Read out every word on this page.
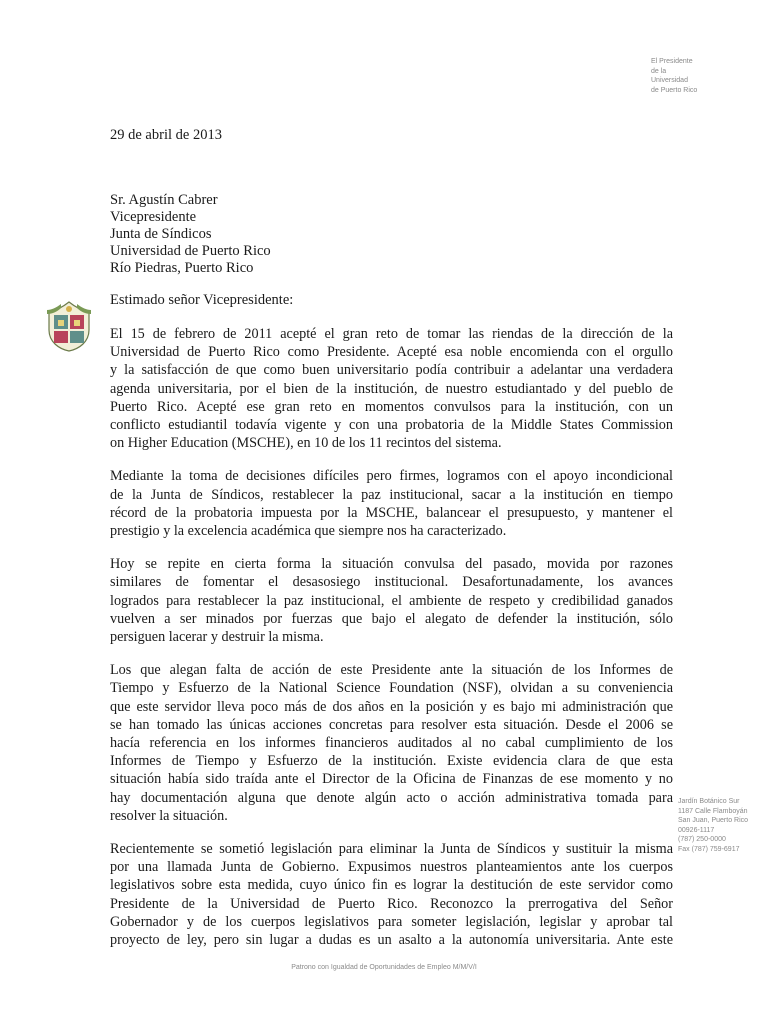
El Presidente
de la
Universidad
de Puerto Rico
29 de abril de 2013
Sr. Agustín Cabrer
Vicepresidente
Junta de Síndicos
Universidad de Puerto Rico
Río Piedras, Puerto Rico
Estimado señor Vicepresidente:

El 15 de febrero de 2011 acepté el gran reto de tomar las riendas de la dirección de la
Universidad de Puerto Rico como Presidente. Acepté esa noble encomienda con el orgullo
y la satisfacción de que como buen universitario podía contribuir a adelantar una verdadera
agenda universitaria, por el bien de la institución, de nuestro estudiantado y del pueblo de
Puerto Rico. Acepté ese gran reto en momentos convulsos para la institución, con un
conflicto estudiantil todavía vigente y con una probatoria de la Middle States Commission
on Higher Education (MSCHE), en 10 de los 11 recintos del sistema.

Mediante la toma de decisiones difíciles pero firmes, logramos con el apoyo incondicional
de la Junta de Síndicos, restablecer la paz institucional, sacar a la institución en tiempo
récord de la probatoria impuesta por la MSCHE, balancear el presupuesto, y mantener el
prestigio y la excelencia académica que siempre nos ha caracterizado.

Hoy se repite en cierta forma la situación convulsa del pasado, movida por razones
similares de fomentar el desasosiego institucional. Desafortunadamente, los avances
logrados para restablecer la paz institucional, el ambiente de respeto y credibilidad ganados
vuelven a ser minados por fuerzas que bajo el alegato de defender la institución, sólo
persiguen lacerar y destruir la misma.

Los que alegan falta de acción de este Presidente ante la situación de los Informes de
Tiempo y Esfuerzo de la National Science Foundation (NSF), olvidan a su conveniencia
que este servidor lleva poco más de dos años en la posición y es bajo mi administración que
se han tomado las únicas acciones concretas para resolver esta situación. Desde el 2006 se
hacía referencia en los informes financieros auditados al no cabal cumplimiento de los
Informes de Tiempo y Esfuerzo de la institución. Existe evidencia clara de que esta
situación había sido traída ante el Director de la Oficina de Finanzas de ese momento y no
hay documentación alguna que denote algún acto o acción administrativa tomada para
resolver la situación.

Recientemente se sometió legislación para eliminar la Junta de Síndicos y sustituir la misma
por una llamada Junta de Gobierno. Expusimos nuestros planteamientos ante los cuerpos
legislativos sobre esta medida, cuyo único fin es lograr la destitución de este servidor como
Presidente de la Universidad de Puerto Rico. Reconozco la prerrogativa del Señor
Gobernador y de los cuerpos legislativos para someter legislación, legislar y aprobar tal
proyecto de ley, pero sin lugar a dudas es un asalto a la autonomía universitaria. Ante este

Jardín Botánico Sur
1187 Calle Flamboyán
San Juan, Puerto Rico
00926-1117
(787) 250-0000
Fax (787) 759-6917
Patrono con Igualdad de Oportunidades de Empleo M/M/V/I
